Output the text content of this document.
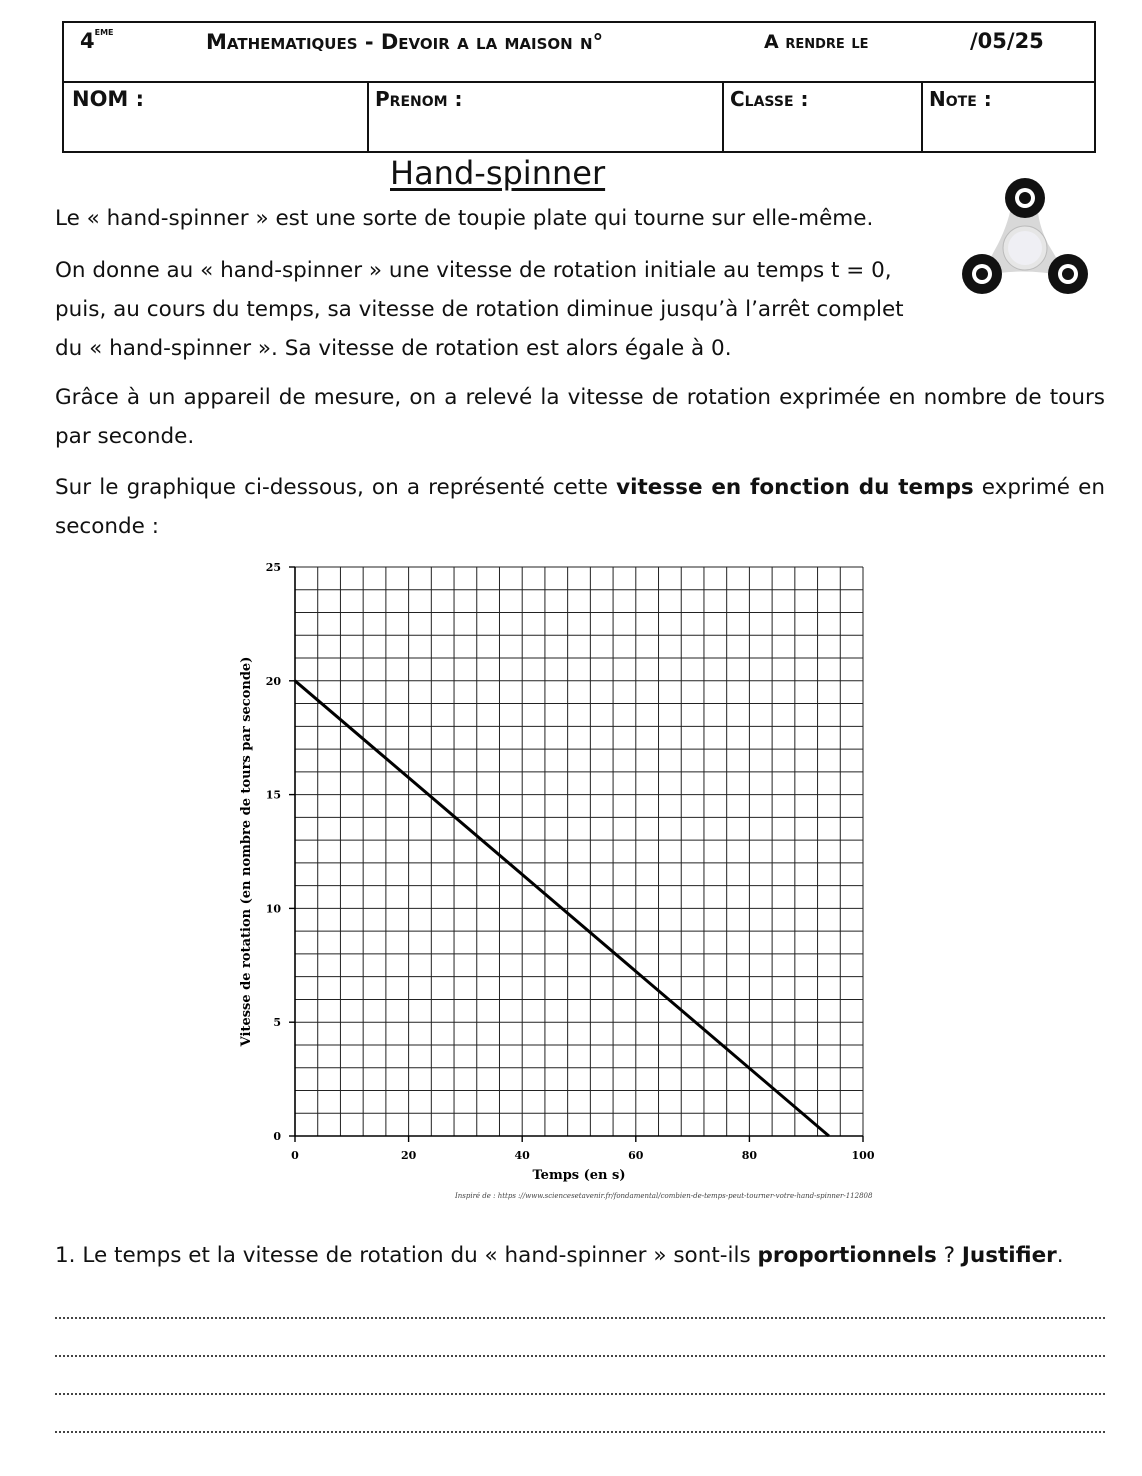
4eme	Mathematiques - Devoir a la maison n°	A rendre le	/05/25
NOM :	Prenom :	Classe :	Note :
Hand-spinner
Le « hand-spinner » est une sorte de toupie plate qui tourne sur elle-même.
On donne au « hand-spinner » une vitesse de rotation initiale au temps t = 0,
puis, au cours du temps, sa vitesse de rotation diminue jusqu’à l’arrêt complet
du « hand-spinner ». Sa vitesse de rotation est alors égale à 0.
Grâce à un appareil de mesure, on a relevé la vitesse de rotation exprimée en nombre de tours par seconde.
Sur le graphique ci-dessous, on a représenté cette vitesse en fonction du temps exprimé en seconde :
0	20	40	60	80	100
0
5
10
15
20
25
Temps (en s)
Vitesse de rotation (en nombre de tours par seconde)
Inspiré de : https ://www.sciencesetavenir.fr/fondamental/combien-de-temps-peut-tourner-votre-hand-spinner-112808
1. Le temps et la vitesse de rotation du « hand-spinner » sont-ils proportionnels ? Justifier.
